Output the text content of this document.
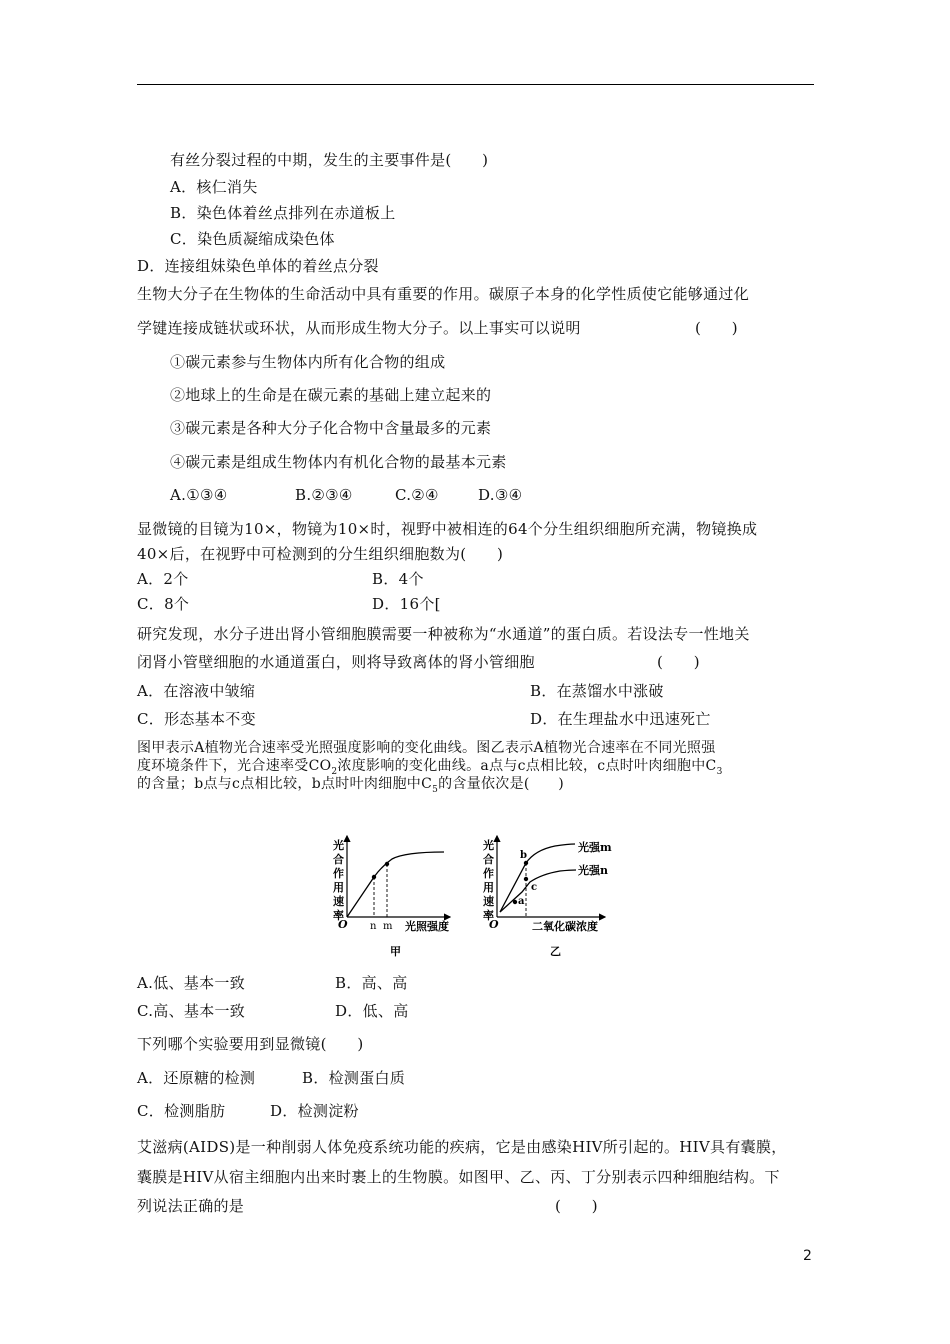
有丝分裂过程的中期，发生的主要事件是(　　)
A．核仁消失
B．染色体着丝点排列在赤道板上
C．染色质凝缩成染色体
D．连接组妹染色单体的着丝点分裂
生物大分子在生物体的生命活动中具有重要的作用。碳原子本身的化学性质使它能够通过化
学键连接成链状或环状，从而形成生物大分子。以上事实可以说明	(　　)
①碳元素参与生物体内所有化合物的组成
②地球上的生命是在碳元素的基础上建立起来的
③碳元素是各种大分子化合物中含量最多的元素
④碳元素是组成生物体内有机化合物的最基本元素
A.①③④	B.②③④	C.②④	D.③④
显微镜的目镜为10×，物镜为10×时，视野中被相连的64个分生组织细胞所充满，物镜换成
40×后，在视野中可检测到的分生组织细胞数为(　　)
A．2个	B．4个
C．8个	D．16个[
研究发现，水分子进出肾小管细胞膜需要一种被称为“水通道”的蛋白质。若设法专一性地关
闭肾小管壁细胞的水通道蛋白，则将导致离体的肾小管细胞	(　　)
A．在溶液中皱缩	B．在蒸馏水中涨破
C．形态基本不变	D．在生理盐水中迅速死亡
图甲表示A植物光合速率受光照强度影响的变化曲线。图乙表示A植物光合速率在不同光照强
度环境条件下，光合速率受$CO_2$浓度影响的变化曲线。a点与c点相比较，c点时叶肉细胞中$C_3$
的含量；b点与c点相比较，b点时叶肉细胞中$C_5$的含量依次是(　　)
光
合
作
用
速
率
O n m 光照强度
甲
光
合
作
用
速
率
O
b
c
a
光强m
光强n
二氧化碳浓度
乙
A.低、基本一致	B．高、高
C.高、基本一致	D．低、高
下列哪个实验要用到显微镜(　　)
A．还原糖的检测	B．检测蛋白质
C．检测脂肪	D．检测淀粉
艾滋病(AIDS)是一种削弱人体免疫系统功能的疾病，它是由感染HIV所引起的。HIV具有囊膜，
囊膜是HIV从宿主细胞内出来时裹上的生物膜。如图甲、乙、丙、丁分别表示四种细胞结构。下
列说法正确的是	(　　)
2
